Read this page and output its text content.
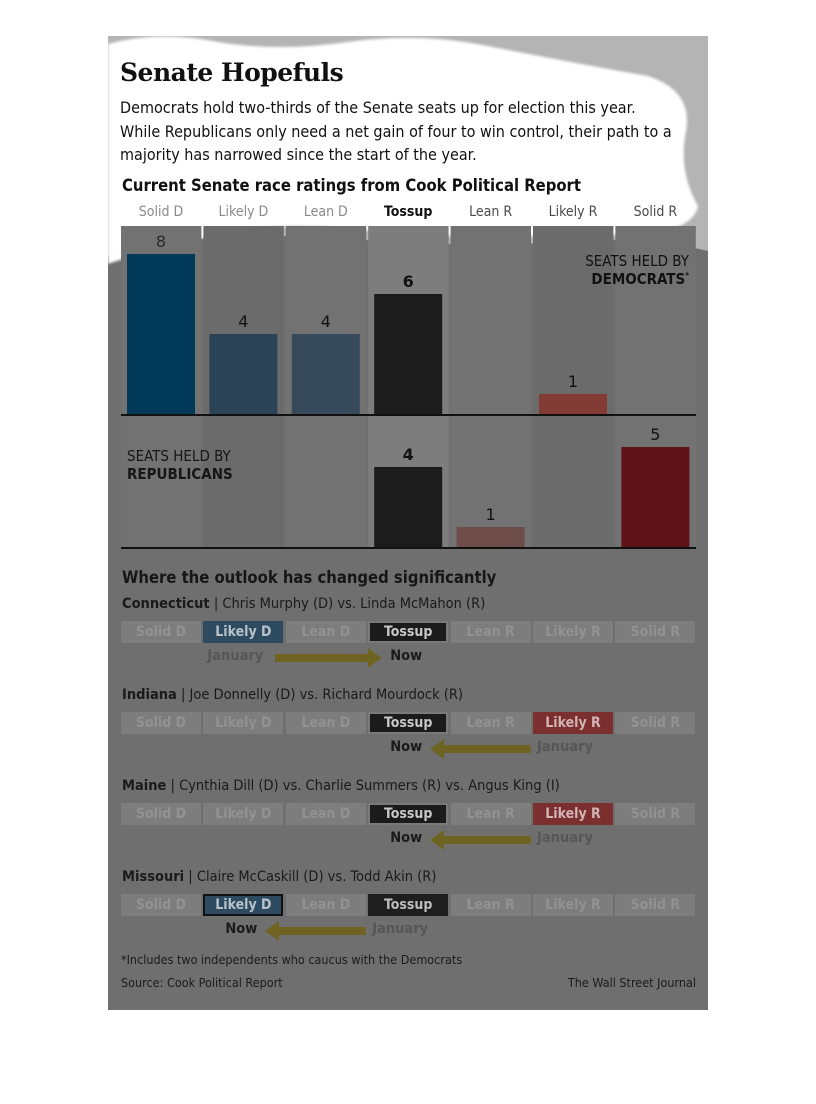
Senate Hopefuls
Democrats hold two-thirds of the Senate seats up for election this year. While Republicans only need a net gain of four to win control, their path to a majority has narrowed since the start of the year.
Current Senate race ratings from Cook Political Report
Solid D	Likely D	Lean D	Tossup	Lean R	Likely R	Solid R
8
4	4
6
1
4
1
5
SEATS HELD BY
DEMOCRATS*
SEATS HELD BY
REPUBLICANS
Where the outlook has changed significantly
Connecticut | Chris Murphy (D) vs. Linda McMahon (R)
Solid D	Likely D	Lean D	Tossup	Lean R	Likely R	Solid R
January	Now
Indiana | Joe Donnelly (D) vs. Richard Mourdock (R)
Solid D	Likely D	Lean D	Tossup	Lean R	Likely R	Solid R
January
Now
Maine | Cynthia Dill (D) vs. Charlie Summers (R) vs. Angus King (I)
Solid D	Likely D	Lean D	Tossup	Lean R	Likely R	Solid R
January
Now
Missouri | Claire McCaskill (D) vs. Todd Akin (R)
Solid D	Likely D	Lean D	Tossup	Lean R	Likely R	Solid R
January
Now
*Includes two independents who caucus with the Democrats
Source: Cook Political Report	The Wall Street Journal
